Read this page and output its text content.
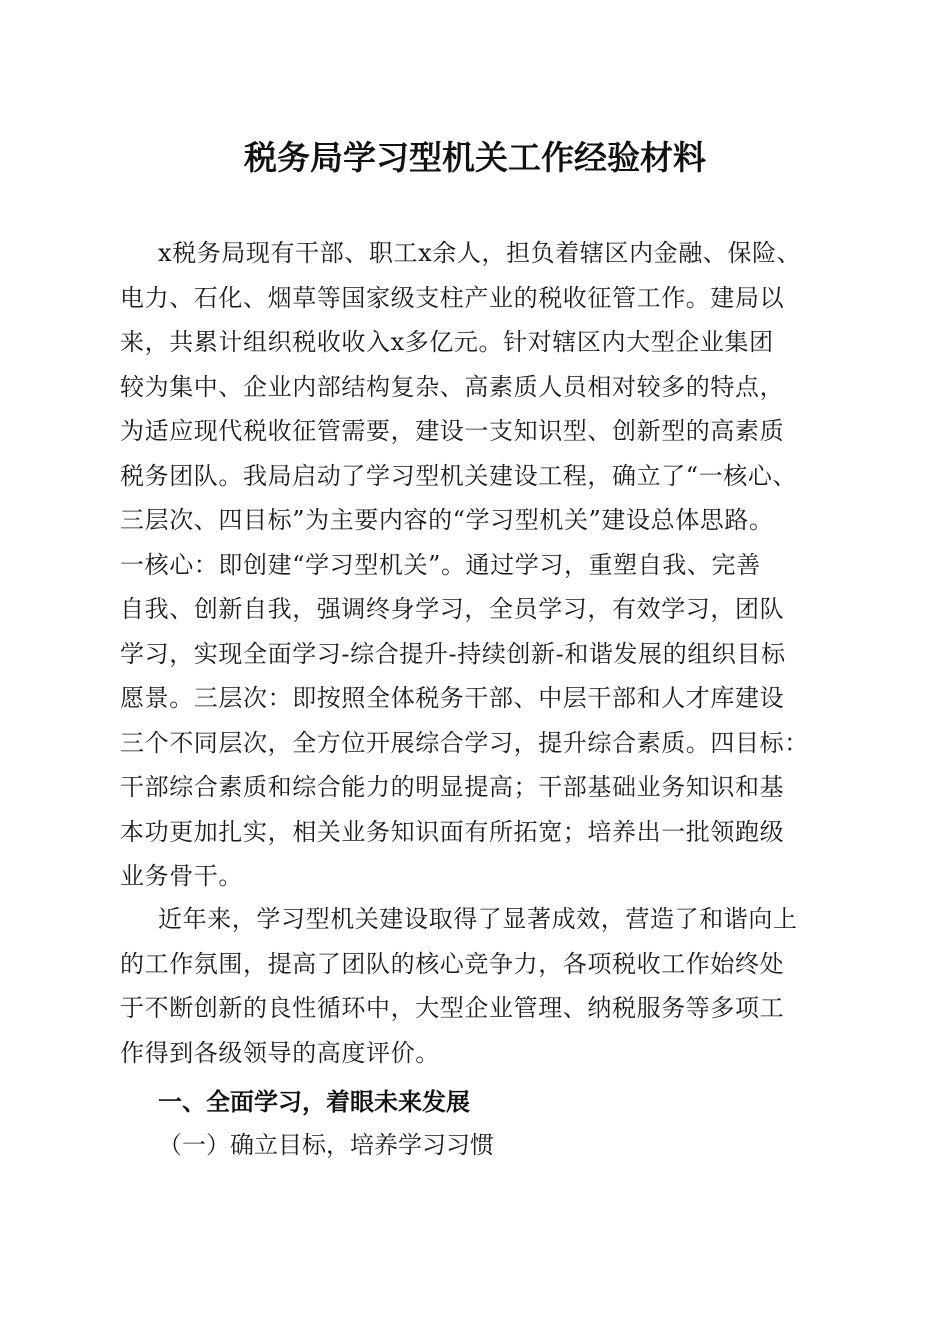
税务局学习型机关工作经验材料
x税务局现有干部、职工x余人，担负着辖区内金融、保险、
电力、石化、烟草等国家级支柱产业的税收征管工作。建局以
来，共累计组织税收收入x多亿元。针对辖区内大型企业集团
较为集中、企业内部结构复杂、高素质人员相对较多的特点，
为适应现代税收征管需要，建设一支知识型、创新型的高素质
税务团队。我局启动了学习型机关建设工程，确立了“一核心、
三层次、四目标”为主要内容的“学习型机关”建设总体思路。
一核心：即创建“学习型机关”。通过学习，重塑自我、完善
自我、创新自我，强调终身学习，全员学习，有效学习，团队
学习，实现全面学习-综合提升-持续创新-和谐发展的组织目标
愿景。三层次：即按照全体税务干部、中层干部和人才库建设
三个不同层次，全方位开展综合学习，提升综合素质。四目标：
干部综合素质和综合能力的明显提高；干部基础业务知识和基
本功更加扎实，相关业务知识面有所拓宽；培养出一批领跑级
业务骨干。
近年来，学习型机关建设取得了显著成效，营造了和谐向上
的工作氛围，提高了团队的核心竞争力，各项税收工作始终处
于不断创新的良性循环中，大型企业管理、纳税服务等多项工
作得到各级领导的高度评价。
一、全面学习，着眼未来发展
（一）确立目标，培养学习习惯
